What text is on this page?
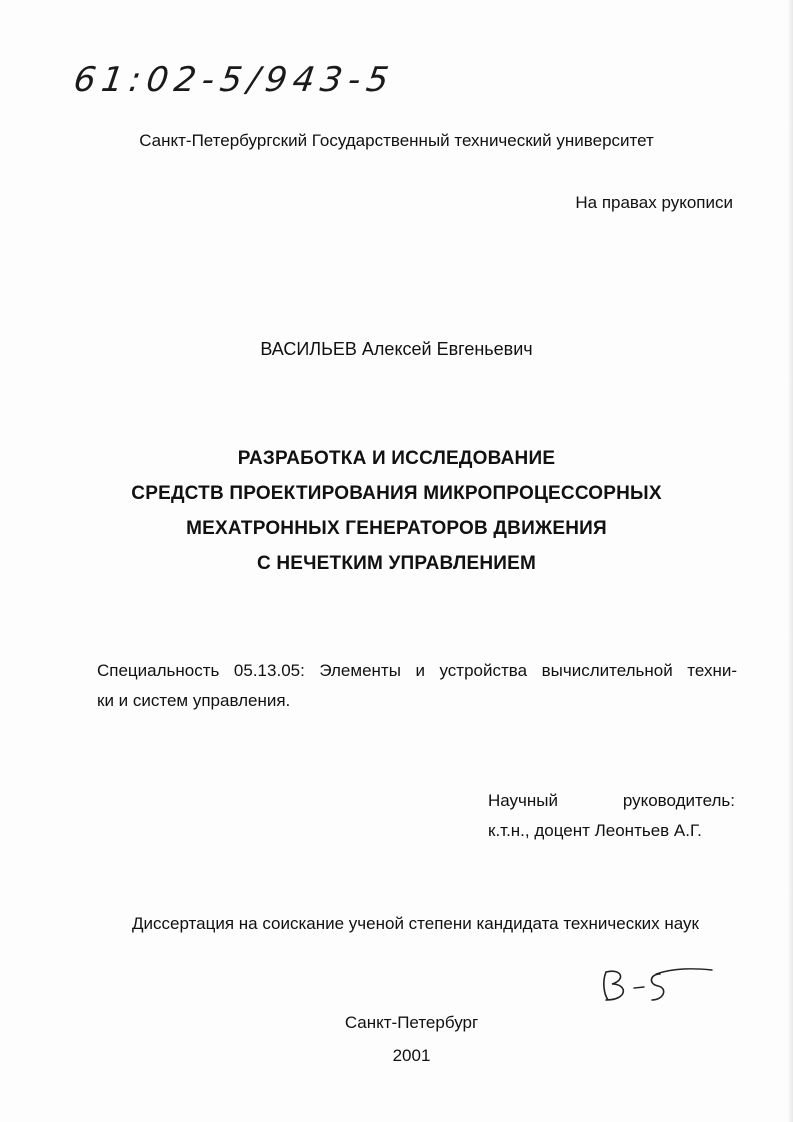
61:02-5/943-5
Санкт-Петербургский Государственный технический университет
На правах рукописи
ВАСИЛЬЕВ Алексей Евгеньевич
РАЗРАБОТКА И ИССЛЕДОВАНИЕ
СРЕДСТВ ПРОЕКТИРОВАНИЯ МИКРОПРОЦЕССОРНЫХ
МЕХАТРОННЫХ ГЕНЕРАТОРОВ ДВИЖЕНИЯ
С НЕЧЕТКИМ УПРАВЛЕНИЕМ
Специальность 05.13.05: Элементы и устройства вычислительной техни-
ки и систем управления.
Научный	руководитель:
к.т.н., доцент Леонтьев А.Г.
Диссертация на соискание ученой степени кандидата технических наук
Санкт-Петербург
2001
